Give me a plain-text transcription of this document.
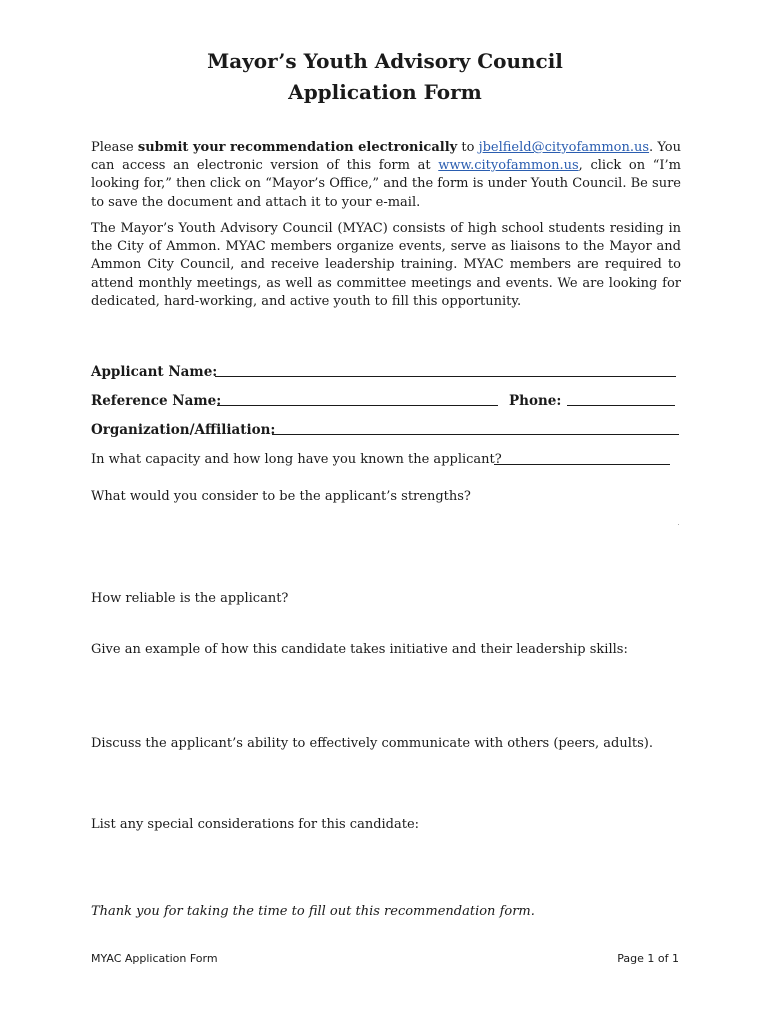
Mayor’s Youth Advisory Council
Application Form
Please submit your recommendation electronically to jbelfield@cityofammon.us. You can access an electronic version of this form at www.cityofammon.us, click on “I’m looking for,” then click on “Mayor’s Office,” and the form is under Youth Council. Be sure to save the document and attach it to your e-mail.
The Mayor’s Youth Advisory Council (MYAC) consists of high school students residing in the City of Ammon. MYAC members organize events, serve as liaisons to the Mayor and Ammon City Council, and receive leadership training. MYAC members are required to attend monthly meetings, as well as committee meetings and events. We are looking for dedicated, hard-working, and active youth to fill this opportunity.
Applicant Name:
Reference Name:	Phone:
Organization/Affiliation:
In what capacity and how long have you known the applicant?
What would you consider to be the applicant’s strengths?
How reliable is the applicant?
Give an example of how this candidate takes initiative and their leadership skills:
Discuss the applicant’s ability to effectively communicate with others (peers, adults).
List any special considerations for this candidate:
Thank you for taking the time to fill out this recommendation form.
MYAC Application Form	Page 1 of 1
